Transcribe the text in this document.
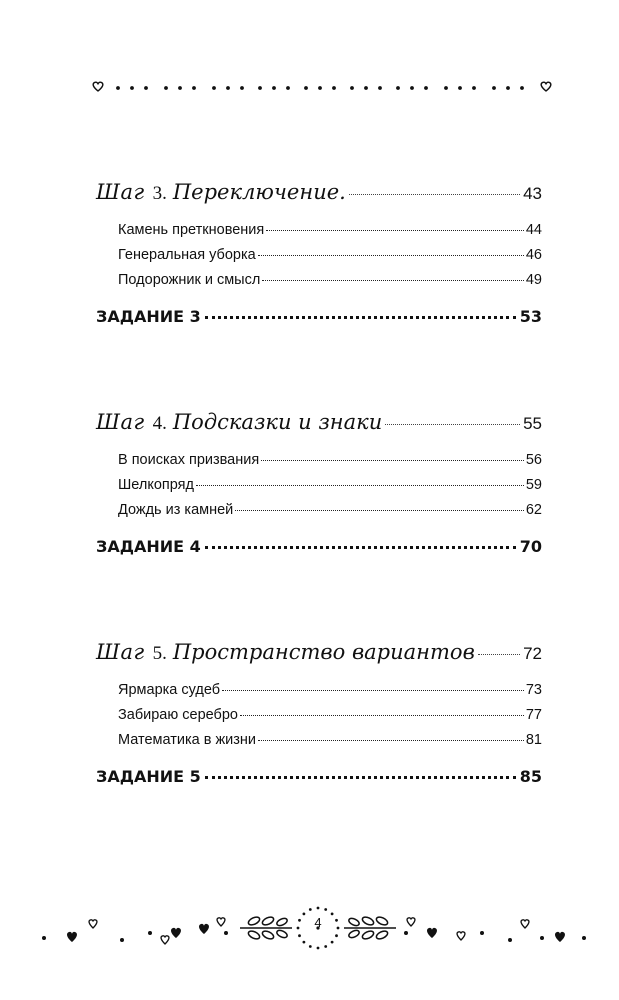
Шаг 3. Переключение.	43
Камень преткновения	44
Генеральная уборка	46
Подорожник и смысл	49
ЗАДАНИЕ 3	53
Шаг 4. Подсказки и знаки	55
В поисках призвания	56
Шелкопряд	59
Дождь из камней	62
ЗАДАНИЕ 4	70
Шаг 5. Пространство вариантов	72
Ярмарка судеб	73
Забираю серебро	77
Математика в жизни	81
ЗАДАНИЕ 5	85
4
